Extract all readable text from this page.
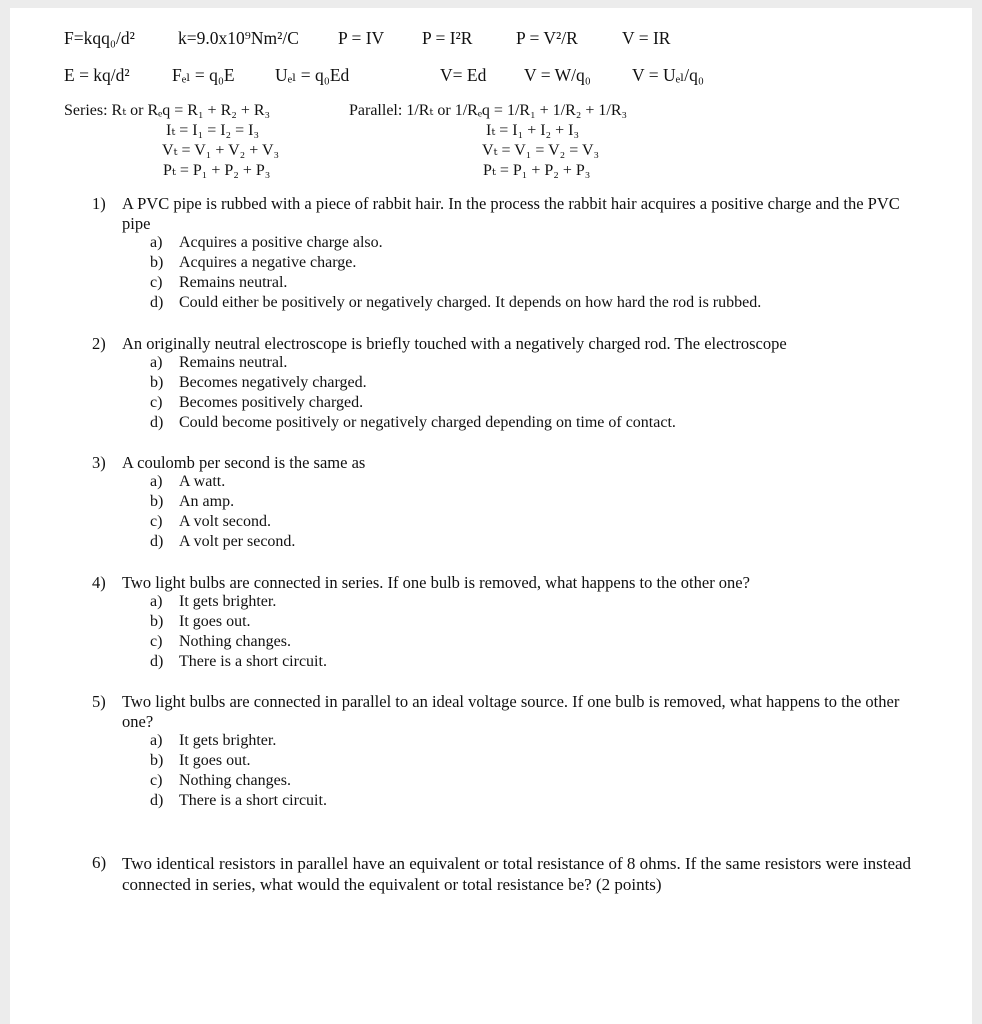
F=kqq₀/d² k=9.0x10⁹Nm²/C P = IV P = I²R P = V²/R	V = IR
E = kq/d² Fₑₗ = q₀E Uₑₗ = q₀Ed	V= Ed V = W/q₀ V = Uₑₗ/q₀
Series: Rₜ or Rₑq = R₁ + R₂ + R₃
Iₜ = I₁ = I₂ = I₃
Vₜ = V₁ + V₂ + V₃
Pₜ = P₁ + P₂ + P₃
Parallel: 1/Rₜ or 1/Rₑq = 1/R₁ + 1/R₂ + 1/R₃
Iₜ = I₁ + I₂ + I₃
Vₜ = V₁ = V₂ = V₃
Pₜ = P₁ + P₂ + P₃
1) A PVC pipe is rubbed with a piece of rabbit hair. In the process the rabbit hair acquires a positive charge and the PVC pipe
a) Acquires a positive charge also.
b) Acquires a negative charge.
c) Remains neutral.
d) Could either be positively or negatively charged. It depends on how hard the rod is rubbed.
2) An originally neutral electroscope is briefly touched with a negatively charged rod. The electroscope
a) Remains neutral.
b) Becomes negatively charged.
c) Becomes positively charged.
d) Could become positively or negatively charged depending on time of contact.
3) A coulomb per second is the same as
a) A watt.
b) An amp.
c) A volt second.
d) A volt per second.
4) Two light bulbs are connected in series. If one bulb is removed, what happens to the other one?
a) It gets brighter.
b) It goes out.
c) Nothing changes.
d) There is a short circuit.
5) Two light bulbs are connected in parallel to an ideal voltage source. If one bulb is removed, what happens to the other one?
a) It gets brighter.
b) It goes out.
c) Nothing changes.
d) There is a short circuit.
6) Two identical resistors in parallel have an equivalent or total resistance of 8 ohms. If the same resistors were instead connected in series, what would the equivalent or total resistance be? (2 points)
